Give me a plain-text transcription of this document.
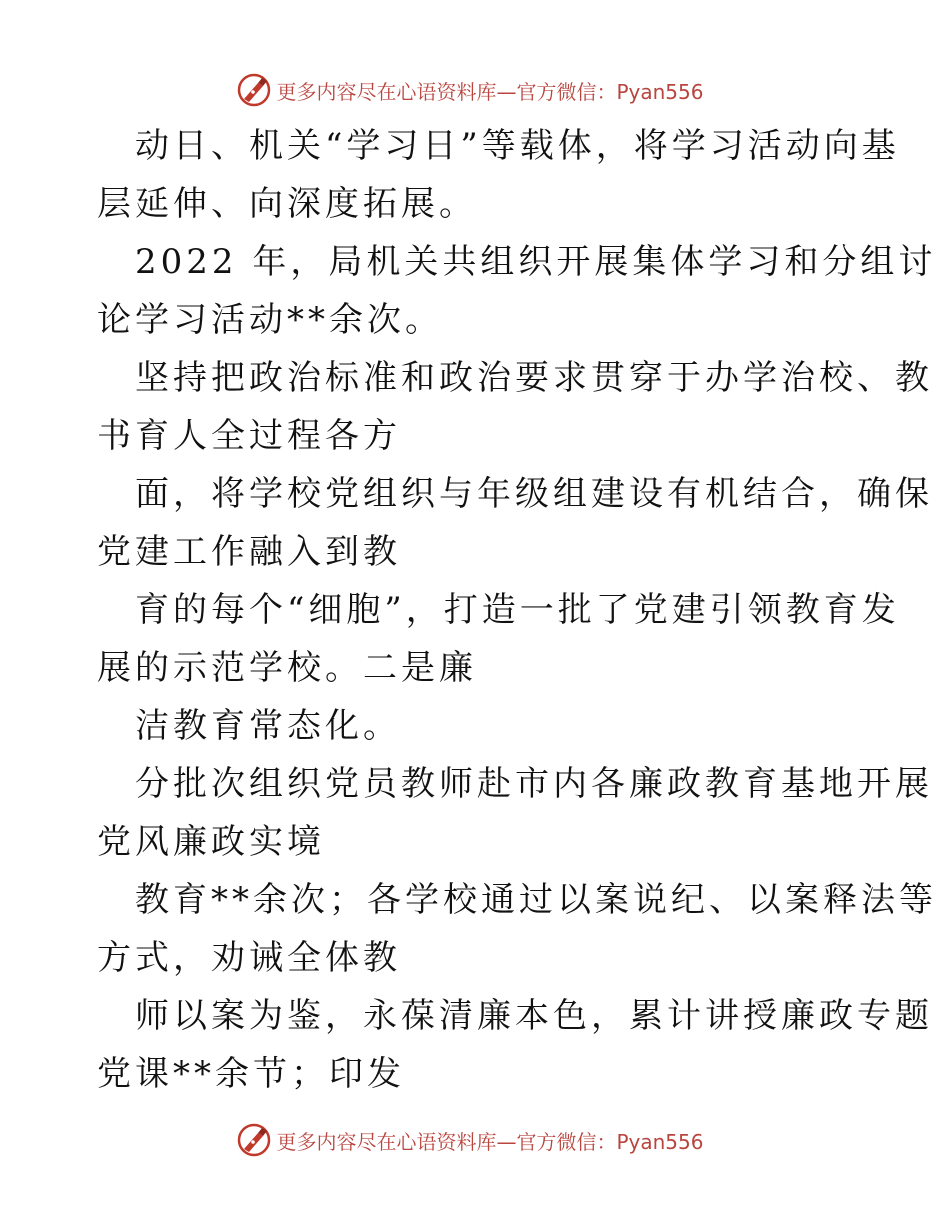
更多内容尽在心语资料库—官方微信：Pyan556
动日、机关“学习日”等载体，将学习活动向基
层延伸、向深度拓展。
2022 年，局机关共组织开展集体学习和分组讨
论学习活动**余次。
坚持把政治标准和政治要求贯穿于办学治校、教
书育人全过程各方
面，将学校党组织与年级组建设有机结合，确保
党建工作融入到教
育的每个“细胞”，打造一批了党建引领教育发
展的示范学校。二是廉
洁教育常态化。
分批次组织党员教师赴市内各廉政教育基地开展
党风廉政实境
教育**余次；各学校通过以案说纪、以案释法等
方式，劝诫全体教
师以案为鉴，永葆清廉本色，累计讲授廉政专题
党课**余节；印发
更多内容尽在心语资料库—官方微信：Pyan556
